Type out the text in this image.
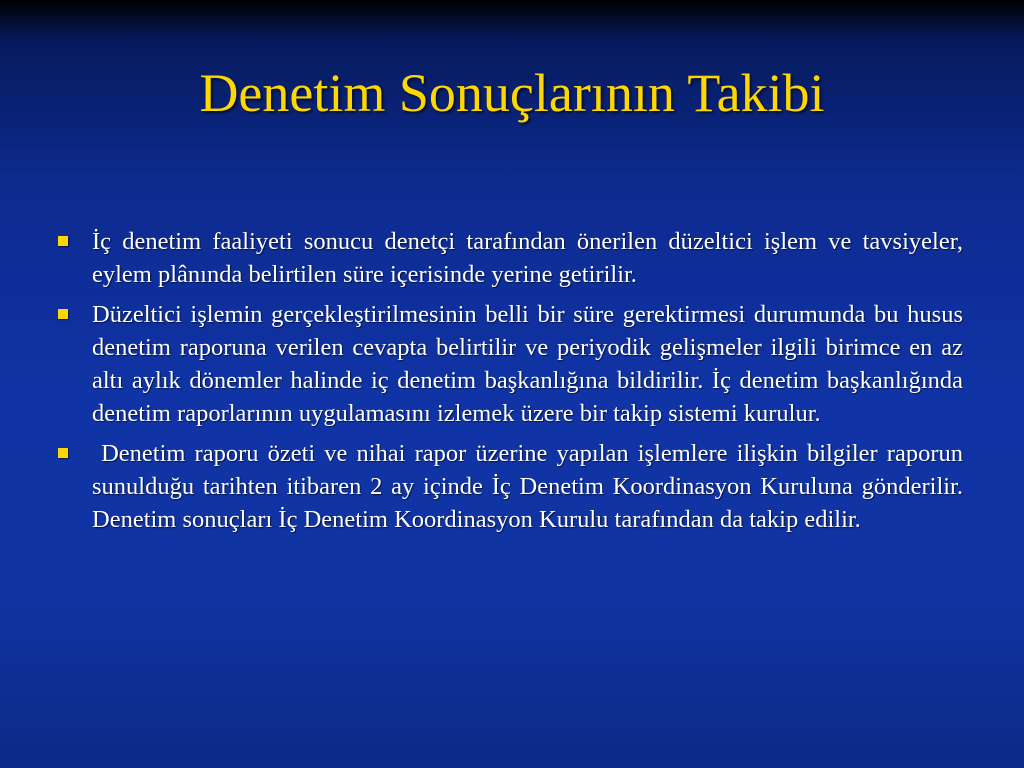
Denetim Sonuçlarının Takibi
İç denetim faaliyeti sonucu denetçi tarafından önerilen düzeltici işlem ve tavsiyeler, eylem plânında belirtilen süre içerisinde yerine getirilir.
Düzeltici işlemin gerçekleştirilmesinin belli bir süre gerektirmesi durumunda bu husus denetim raporuna verilen cevapta belirtilir ve periyodik gelişmeler ilgili birimce en az altı aylık dönemler halinde iç denetim başkanlığına bildirilir. İç denetim başkanlığında denetim raporlarının uygulamasını izlemek üzere bir takip sistemi kurulur.
Denetim raporu özeti ve nihai rapor üzerine yapılan işlemlere ilişkin bilgiler raporun sunulduğu tarihten itibaren 2 ay içinde İç Denetim Koordinasyon Kuruluna gönderilir. Denetim sonuçları İç Denetim Koordinasyon Kurulu tarafından da takip edilir.
